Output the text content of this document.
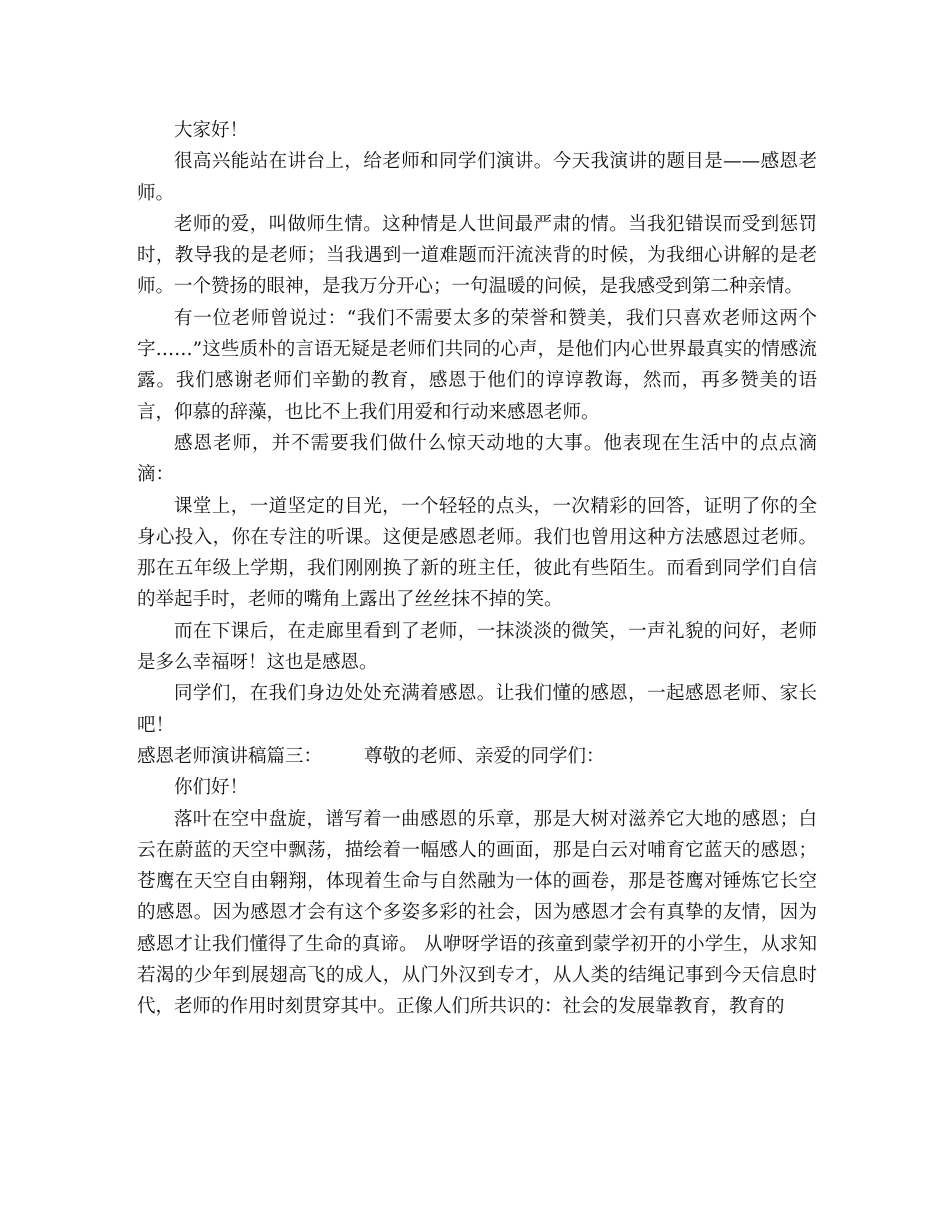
大家好！

很高兴能站在讲台上，给老师和同学们演讲。今天我演讲的题目是——感恩老师。

老师的爱，叫做师生情。这种情是人世间最严肃的情。当我犯错误而受到惩罚时，教导我的是老师；当我遇到一道难题而汗流浃背的时候，为我细心讲解的是老师。一个赞扬的眼神，是我万分开心；一句温暖的问候，是我感受到第二种亲情。

有一位老师曾说过：“我们不需要太多的荣誉和赞美，我们只喜欢老师这两个字……”这些质朴的言语无疑是老师们共同的心声，是他们内心世界最真实的情感流露。我们感谢老师们辛勤的教育，感恩于他们的谆谆教诲，然而，再多赞美的语言，仰慕的辞藻，也比不上我们用爱和行动来感恩老师。

感恩老师，并不需要我们做什么惊天动地的大事。他表现在生活中的点点滴滴：

课堂上，一道坚定的目光，一个轻轻的点头，一次精彩的回答，证明了你的全身心投入，你在专注的听课。这便是感恩老师。我们也曾用这种方法感恩过老师。那在五年级上学期，我们刚刚换了新的班主任，彼此有些陌生。而看到同学们自信的举起手时，老师的嘴角上露出了丝丝抹不掉的笑。

而在下课后，在走廊里看到了老师，一抹淡淡的微笑，一声礼貌的问好，老师是多么幸福呀！这也是感恩。

同学们，在我们身边处处充满着感恩。让我们懂的感恩，一起感恩老师、家长吧！

感恩老师演讲稿篇三： 尊敬的老师、亲爱的同学们：

你们好！

落叶在空中盘旋，谱写着一曲感恩的乐章，那是大树对滋养它大地的感恩；白云在蔚蓝的天空中飘荡，描绘着一幅感人的画面，那是白云对哺育它蓝天的感恩；苍鹰在天空自由翱翔，体现着生命与自然融为一体的画卷，那是苍鹰对锤炼它长空的感恩。因为感恩才会有这个多姿多彩的社会，因为感恩才会有真挚的友情，因为感恩才让我们懂得了生命的真谛。 从咿呀学语的孩童到蒙学初开的小学生，从求知若渴的少年到展翅高飞的成人，从门外汉到专才，从人类的结绳记事到今天信息时代，老师的作用时刻贯穿其中。正像人们所共识的：社会的发展靠教育，教育的
